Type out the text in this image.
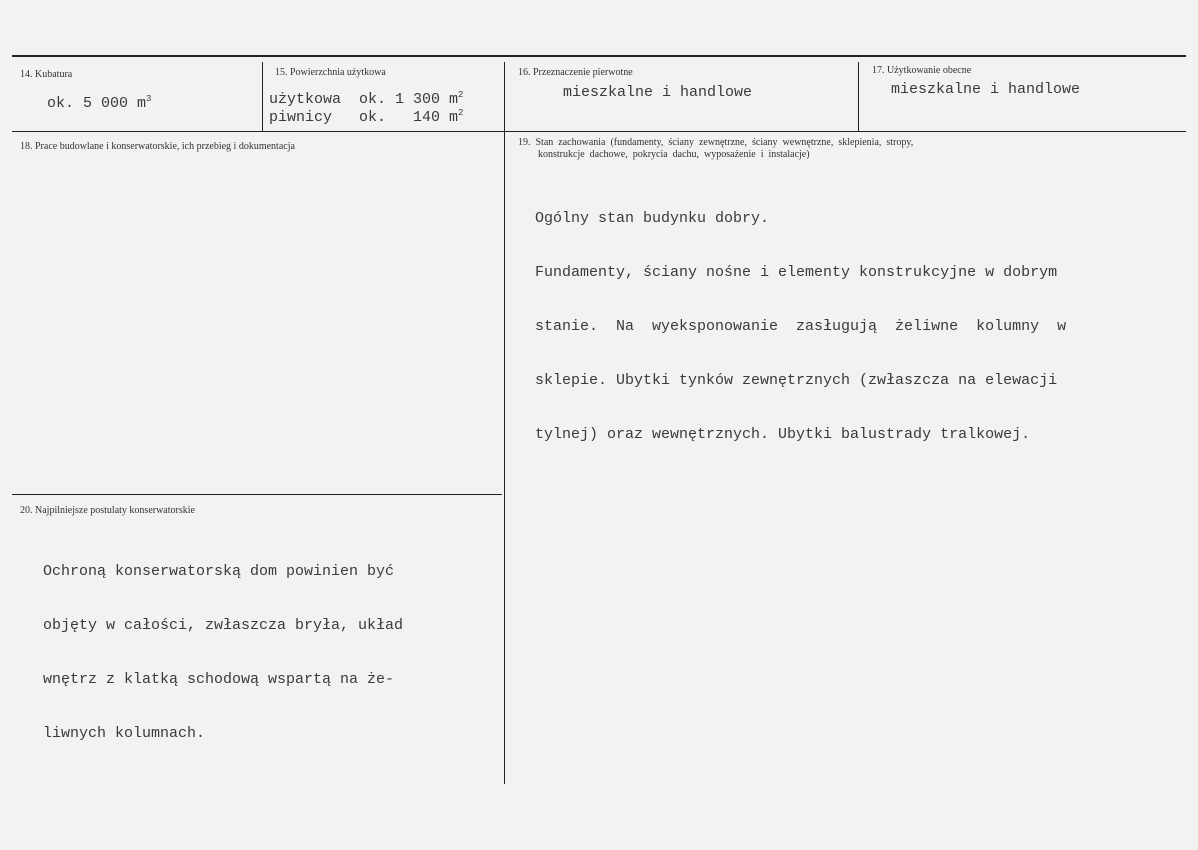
14. Kubatura
ok. 5 000 $m^3$
15. Powierzchnia użytkowa
użytkowa  ok. 1 300 $m^2$
piwnicy   ok.   140 $m^2$
16. Przeznaczenie pierwotne
mieszkalne i handlowe
17. Użytkowanie obecne
mieszkalne i handlowe
18. Prace budowlane i konserwatorskie, ich przebieg i dokumentacja	19.  Stan  zachowania  (fundamenty,  ściany  zewnętrzne,  ściany  wewnętrzne,  sklepienia,  stropy,
konstrukcje  dachowe,  pokrycia  dachu,  wyposażenie  i  instalacje)

Ogólny stan budynku dobry.

Fundamenty, ściany nośne i elementy konstrukcyjne w dobrym

stanie.  Na  wyeksponowanie  zasługują  żeliwne  kolumny  w

sklepie. Ubytki tynków zewnętrznych (zwłaszcza na elewacji

tylnej) oraz wewnętrznych. Ubytki balustrady tralkowej.

20. Najpilniejsze postulaty konserwatorskie

Ochroną konserwatorską dom powinien być

objęty w całości, zwłaszcza bryła, układ

wnętrz z klatką schodową wspartą na że-

liwnych kolumnach.
